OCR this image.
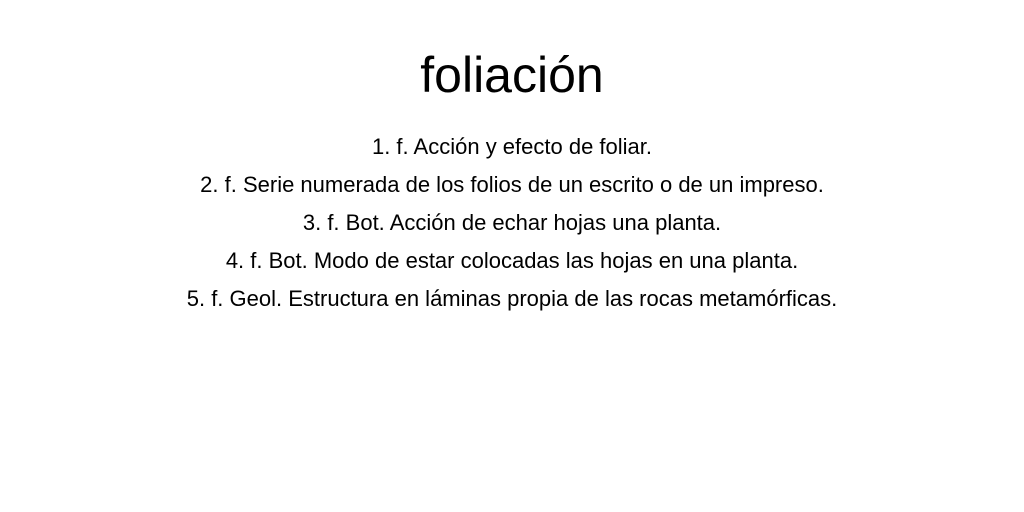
foliación
1. f. Acción y efecto de foliar.
2. f. Serie numerada de los folios de un escrito o de un impreso.
3. f. Bot. Acción de echar hojas una planta.
4. f. Bot. Modo de estar colocadas las hojas en una planta.
5. f. Geol. Estructura en láminas propia de las rocas metamórficas.
